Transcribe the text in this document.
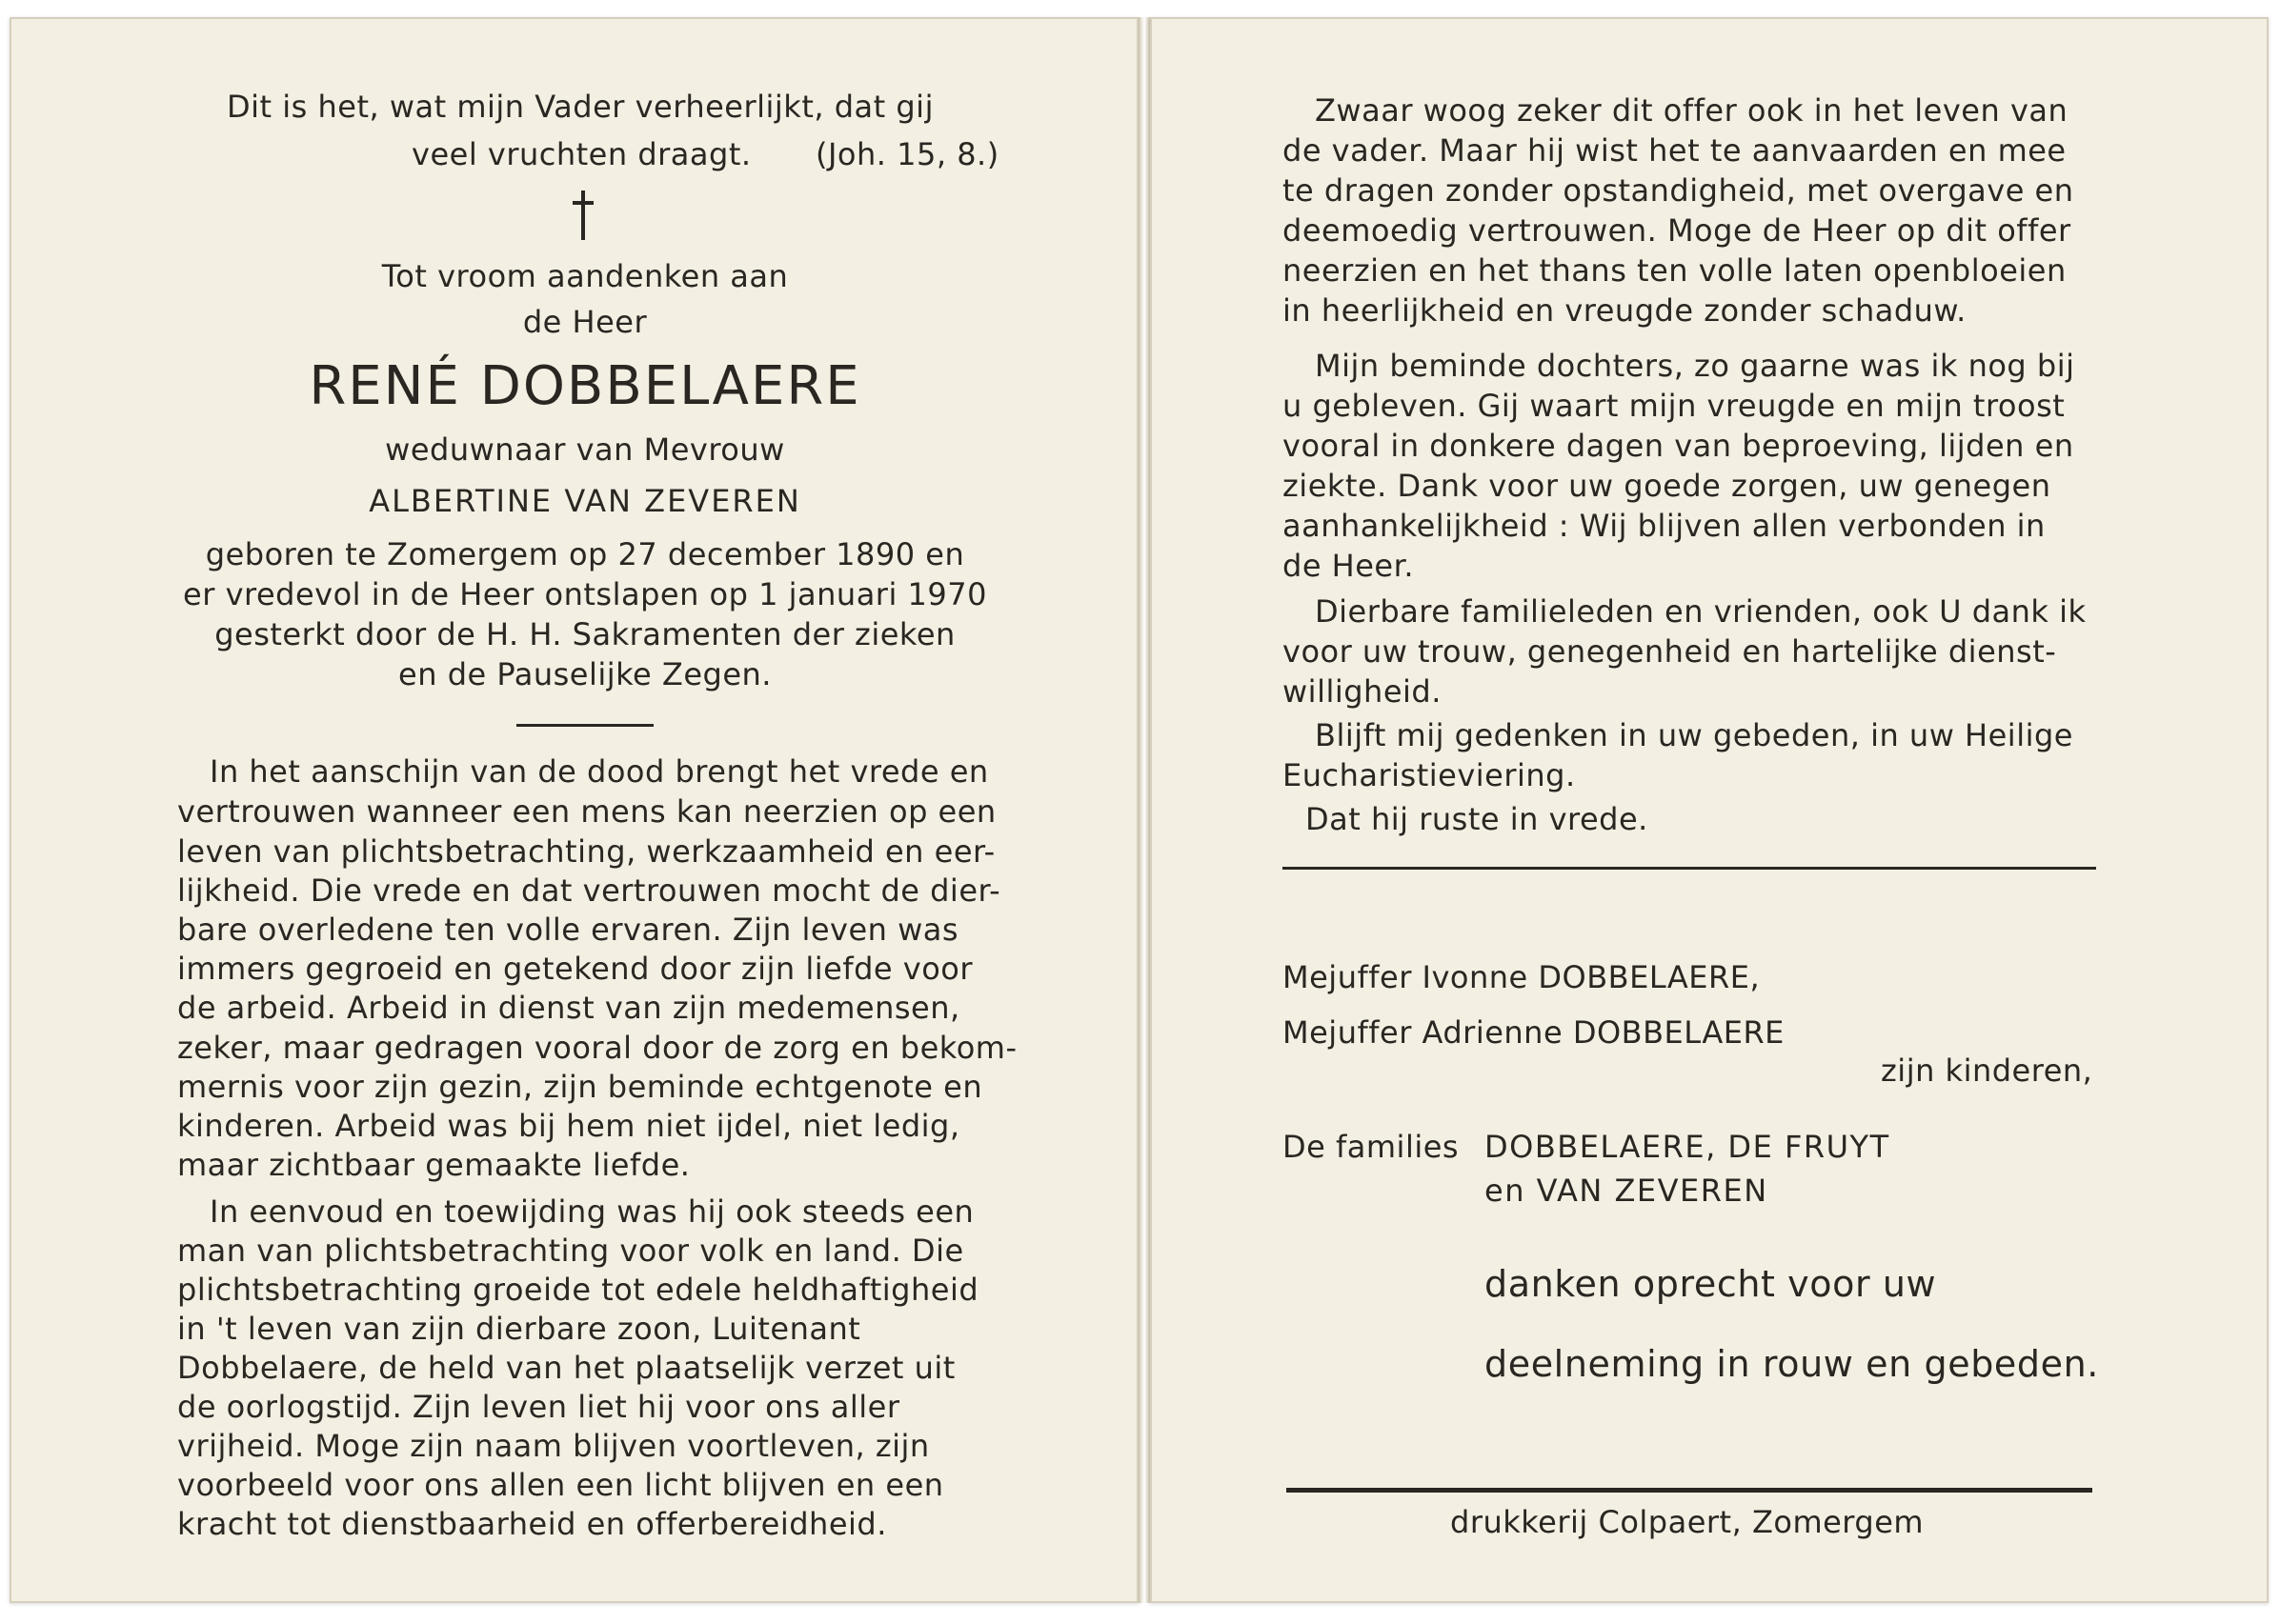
Dit is het, wat mijn Vader verheerlijkt, dat gij
veel vruchten draagt. (Joh. 15, 8.)
Tot vroom aandenken aan
de Heer
RENÉ DOBBELAERE
weduwnaar van Mevrouw
ALBERTINE VAN ZEVEREN
geboren te Zomergem op 27 december 1890 en
er vredevol in de Heer ontslapen op 1 januari 1970
gesterkt door de H. H. Sakramenten der zieken
en de Pauselijke Zegen.
In het aanschijn van de dood brengt het vrede en
vertrouwen wanneer een mens kan neerzien op een
leven van plichtsbetrachting, werkzaamheid en eer-
lijkheid. Die vrede en dat vertrouwen mocht de dier-
bare overledene ten volle ervaren. Zijn leven was
immers gegroeid en getekend door zijn liefde voor
de arbeid. Arbeid in dienst van zijn medemensen,
zeker, maar gedragen vooral door de zorg en bekom-
mernis voor zijn gezin, zijn beminde echtgenote en
kinderen. Arbeid was bij hem niet ijdel, niet ledig,
maar zichtbaar gemaakte liefde.
In eenvoud en toewijding was hij ook steeds een
man van plichtsbetrachting voor volk en land. Die
plichtsbetrachting groeide tot edele heldhaftigheid
in 't leven van zijn dierbare zoon, Luitenant
Dobbelaere, de held van het plaatselijk verzet uit
de oorlogstijd. Zijn leven liet hij voor ons aller
vrijheid. Moge zijn naam blijven voortleven, zijn
voorbeeld voor ons allen een licht blijven en een
kracht tot dienstbaarheid en offerbereidheid.
Zwaar woog zeker dit offer ook in het leven van
de vader. Maar hij wist het te aanvaarden en mee
te dragen zonder opstandigheid, met overgave en
deemoedig vertrouwen. Moge de Heer op dit offer
neerzien en het thans ten volle laten openbloeien
in heerlijkheid en vreugde zonder schaduw.
Mijn beminde dochters, zo gaarne was ik nog bij
u gebleven. Gij waart mijn vreugde en mijn troost
vooral in donkere dagen van beproeving, lijden en
ziekte. Dank voor uw goede zorgen, uw genegen
aanhankelijkheid : Wij blijven allen verbonden in
de Heer.
Dierbare familieleden en vrienden, ook U dank ik
voor uw trouw, genegenheid en hartelijke dienst-
willigheid.
Blijft mij gedenken in uw gebeden, in uw Heilige
Eucharistieviering.
Dat hij ruste in vrede.
Mejuffer Ivonne DOBBELAERE,
Mejuffer Adrienne DOBBELAERE
zijn kinderen,
De families DOBBELAERE, DE FRUYT
en VAN ZEVEREN
danken oprecht voor uw
deelneming in rouw en gebeden.
drukkerij Colpaert, Zomergem
